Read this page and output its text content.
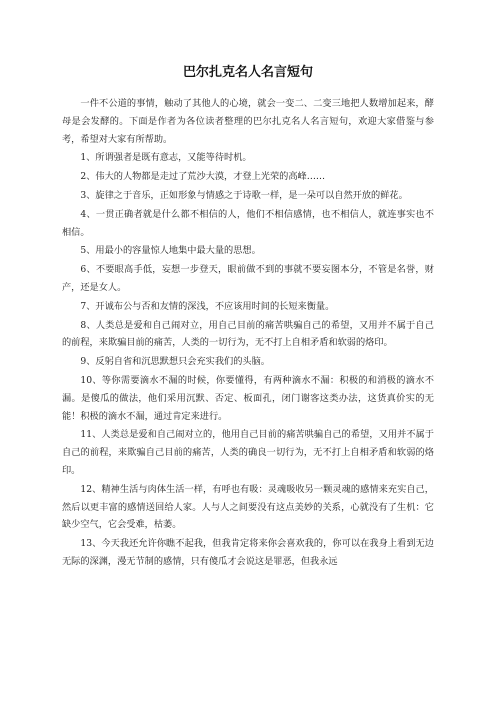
巴尔扎克名人名言短句

一件不公道的事情，触动了其他人的心境，就会一变二、二变三地把人数增加起来，酵母是会发酵的。下面是作者为各位读者整理的巴尔扎克名人名言短句，欢迎大家借鉴与参考，希望对大家有所帮助。

1、所谓强者是既有意志，又能等待时机。

2、伟大的人物都是走过了荒沙大漠，才登上光荣的高峰……

3、旋律之于音乐，正如形象与情感之于诗歌一样，是一朵可以自然开放的鲜花。

4、一贯正确者就是什么都不相信的人，他们不相信感情，也不相信人，就连事实也不相信。

5、用最小的容量惊人地集中最大量的思想。

6、不要眼高手低，妄想一步登天，眼前做不到的事就不要妄图本分，不管是名誉，财产，还是女人。

7、开诚布公与否和友情的深浅，不应该用时间的长短来衡量。

8、人类总是爱和自己闹对立，用自己目前的痛苦哄骗自己的希望，又用并不属于自己的前程，来欺骗目前的痛苦，人类的一切行为，无不打上自相矛盾和软弱的烙印。

9、反躬自省和沉思默想只会充实我们的头脑。

10、等你需要滴水不漏的时候，你要懂得，有两种滴水不漏：积极的和消极的滴水不漏。是傻瓜的做法，他们采用沉默、否定、板面孔，闭门谢客这类办法，这货真价实的无能！积极的滴水不漏，通过肯定来进行。

11、人类总是爱和自己闹对立的，他用自己目前的痛苦哄骗自己的希望，又用并不属于自己的前程，来欺骗自己目前的痛苦，人类的确良一切行为，无不打上自相矛盾和软弱的烙印。

12、精神生活与肉体生活一样，有呼也有吸：灵魂吸收另一颗灵魂的感情来充实自己，然后以更丰富的感情送回给人家。人与人之间要没有这点美妙的关系，心就没有了生机：它缺少空气，它会受难，枯萎。

13、今天我还允许你瞧不起我，但我肯定将来你会喜欢我的，你可以在我身上看到无边无际的深渊，漫无节制的感情，只有傻瓜才会说这是罪恶，但我永远
